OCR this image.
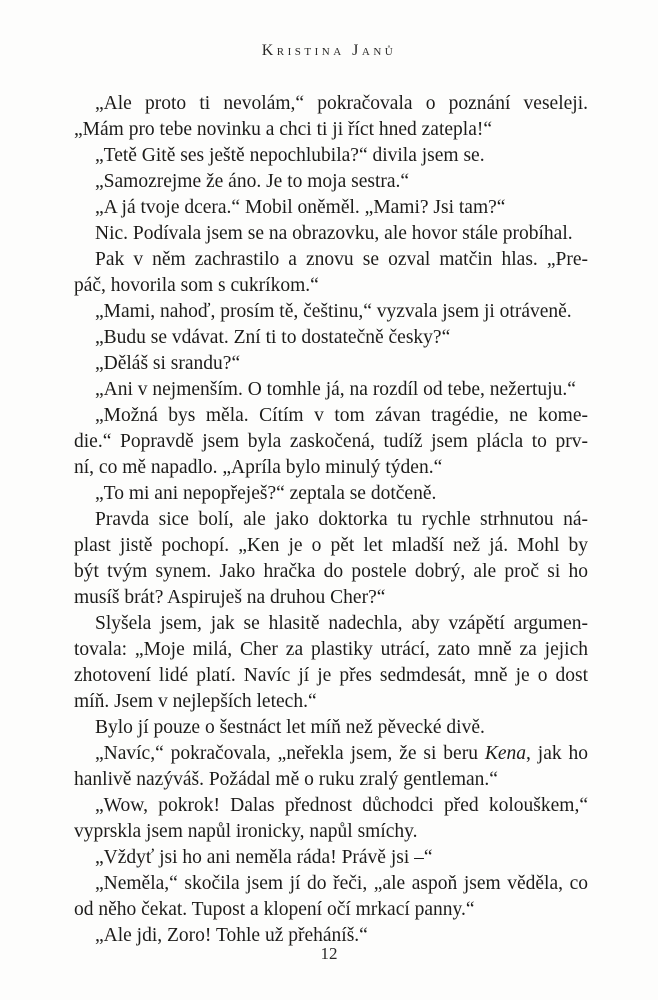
Kristina Janů
„Ale proto ti nevolám,“ pokračovala o poznání veseleji.
„Mám pro tebe novinku a chci ti ji říct hned zatepla!“
„Tetě Gitě ses ještě nepochlubila?“ divila jsem se.
„Samozrejme že áno. Je to moja sestra.“
„A já tvoje dcera.“ Mobil oněměl. „Mami? Jsi tam?“
Nic. Podívala jsem se na obrazovku, ale hovor stále probíhal.
Pak v něm zachrastilo a znovu se ozval matčin hlas. „Pre-
páč, hovorila som s cukríkom.“
„Mami, nahoď, prosím tě, češtinu,“ vyzvala jsem ji otráveně.
„Budu se vdávat. Zní ti to dostatečně česky?“
„Děláš si srandu?“
„Ani v nejmenším. O tomhle já, na rozdíl od tebe, nežertuju.“
„Možná bys měla. Cítím v tom závan tragédie, ne kome-
die.“ Popravdě jsem byla zaskočená, tudíž jsem plácla to prv-
ní, co mě napadlo. „Apríla bylo minulý týden.“
„To mi ani nepopřeješ?“ zeptala se dotčeně.
Pravda sice bolí, ale jako doktorka tu rychle strhnutou ná-
plast jistě pochopí. „Ken je o pět let mladší než já. Mohl by
být tvým synem. Jako hračka do postele dobrý, ale proč si ho
musíš brát? Aspiruješ na druhou Cher?“
Slyšela jsem, jak se hlasitě nadechla, aby vzápětí argumen-
tovala: „Moje milá, Cher za plastiky utrácí, zato mně za jejich
zhotovení lidé platí. Navíc jí je přes sedmdesát, mně je o dost
míň. Jsem v nejlepších letech.“
Bylo jí pouze o šestnáct let míň než pěvecké divě.
„Navíc,“ pokračovala, „neřekla jsem, že si beru Kena, jak ho
hanlivě nazýváš. Požádal mě o ruku zralý gentleman.“
„Wow, pokrok! Dalas přednost důchodci před kolouškem,“
vyprskla jsem napůl ironicky, napůl smíchy.
„Vždyť jsi ho ani neměla ráda! Právě jsi –“
„Neměla,“ skočila jsem jí do řeči, „ale aspoň jsem věděla, co
od něho čekat. Tupost a klopení očí mrkací panny.“
„Ale jdi, Zoro! Tohle už přeháníš.“
12
